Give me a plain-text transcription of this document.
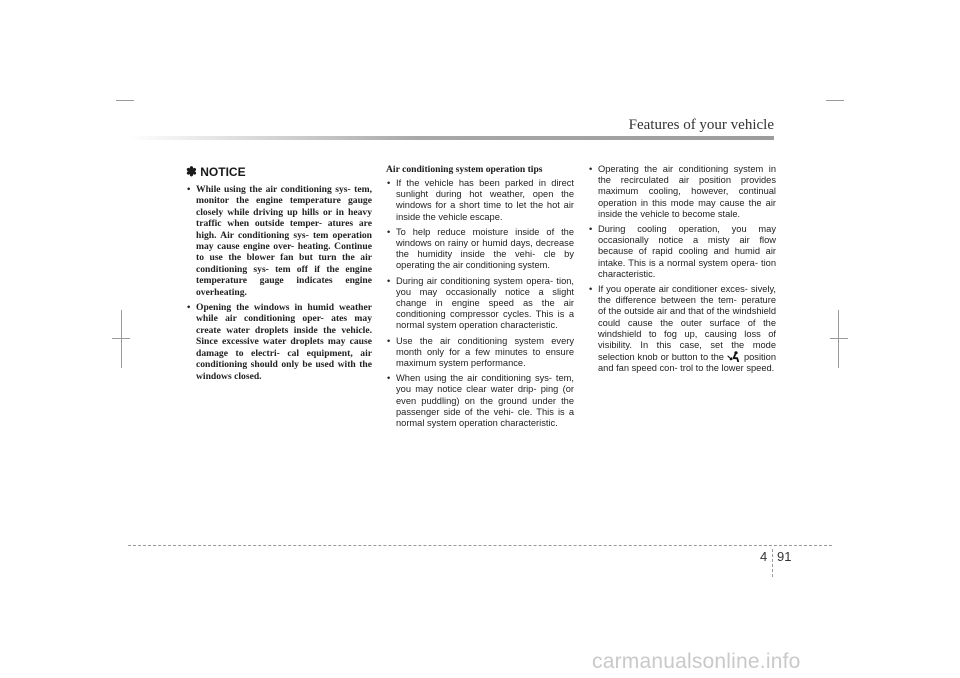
Features of your vehicle
✽ NOTICE
• While using the air conditioning sys- tem, monitor the engine temperature gauge closely while driving up hills or in heavy traffic when outside temper- atures are high. Air conditioning sys- tem operation may cause engine over- heating. Continue to use the blower fan but turn the air conditioning sys- tem off if the engine temperature gauge indicates engine overheating.
• Opening the windows in humid weather while air conditioning oper- ates may create water droplets inside the vehicle. Since excessive water droplets may cause damage to electri- cal equipment, air conditioning should only be used with the windows closed.
Air conditioning system operation tips
• If the vehicle has been parked in direct sunlight during hot weather, open the windows for a short time to let the hot air inside the vehicle escape.
• To help reduce moisture inside of the windows on rainy or humid days, decrease the humidity inside the vehi- cle by operating the air conditioning system.
• During air conditioning system opera- tion, you may occasionally notice a slight change in engine speed as the air conditioning compressor cycles. This is a normal system operation characteristic.
• Use the air conditioning system every month only for a few minutes to ensure maximum system performance.
• When using the air conditioning sys- tem, you may notice clear water drip- ping (or even puddling) on the ground under the passenger side of the vehi- cle. This is a normal system operation characteristic.
• Operating the air conditioning system in the recirculated air position provides maximum cooling, however, continual operation in this mode may cause the air inside the vehicle to become stale.
• During cooling operation, you may occasionally notice a misty air flow because of rapid cooling and humid air intake. This is a normal system opera- tion characteristic.
• If you operate air conditioner exces- sively, the difference between the tem- perature of the outside air and that of the windshield could cause the outer surface of the windshield to fog up, causing loss of visibility. In this case, set the mode selection knob or button to the position and fan speed con- trol to the lower speed.
4 91
carmanualsonline.info
